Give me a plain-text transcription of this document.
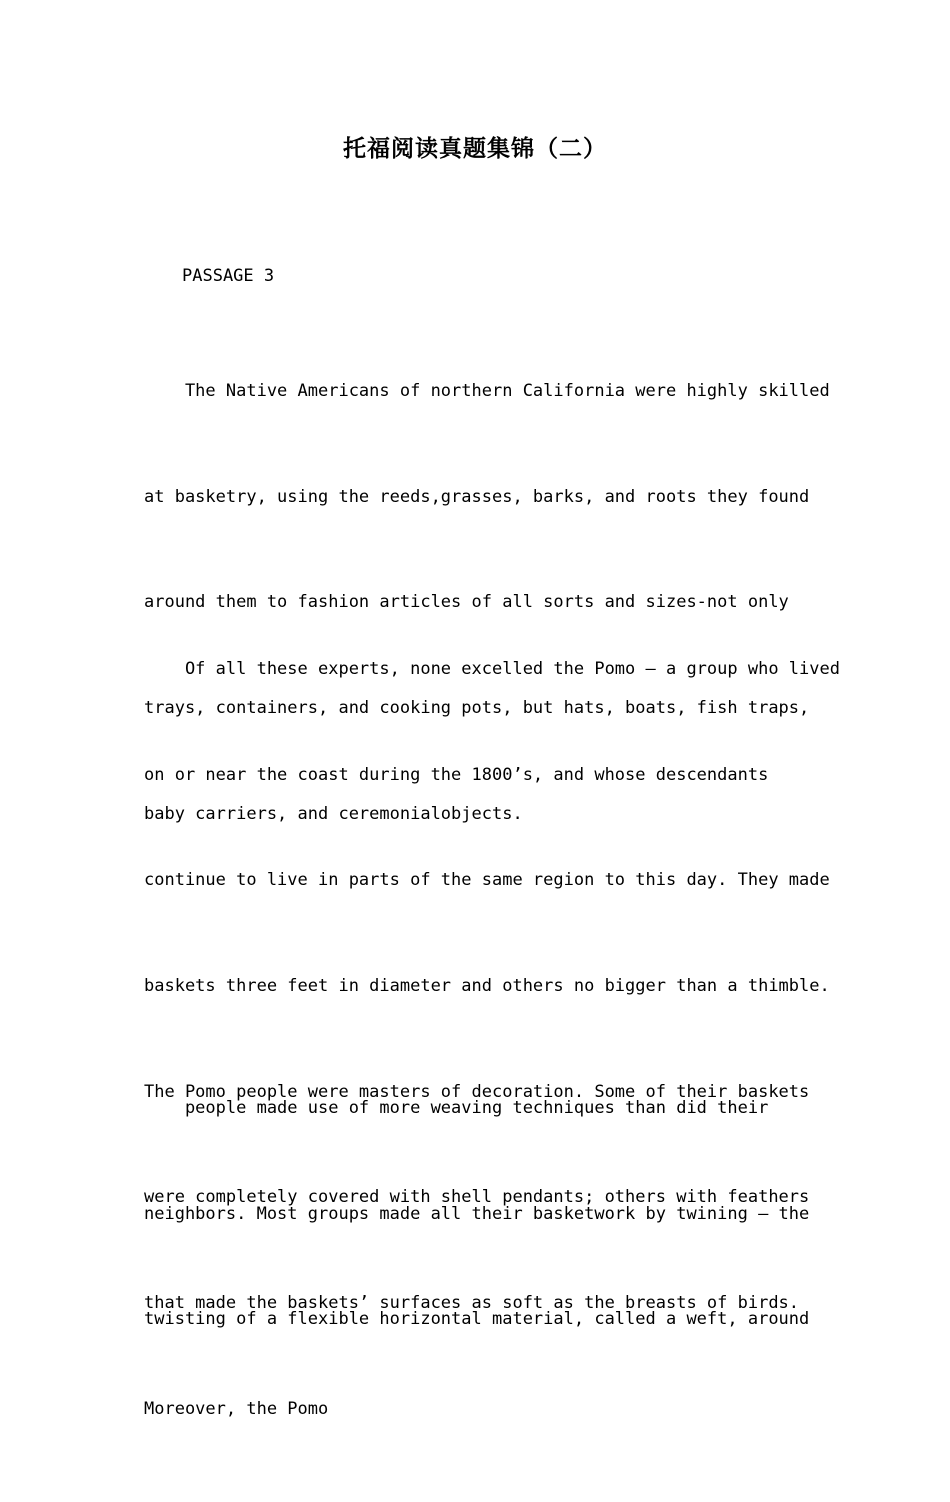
托福阅读真题集锦（二）
PASSAGE 3

The Native Americans of northern California were highly skilled

at basketry, using the reeds,grasses, barks, and roots they found

around them to fashion articles of all sorts and sizes-not only

trays, containers, and cooking pots, but hats, boats, fish traps,

baby carriers, and ceremonialobjects.

Of all these experts, none excelled the Pomo — a group who lived

on or near the coast during the 1800’s, and whose descendants

continue to live in parts of the same region to this day. They made

baskets three feet in diameter and others no bigger than a thimble.

The Pomo people were masters of decoration. Some of their baskets

were completely covered with shell pendants; others with feathers

that made the baskets’ surfaces as soft as the breasts of birds.

Moreover, the Pomo

people made use of more weaving techniques than did their

neighbors. Most groups made all their basketwork by twining — the

twisting of a flexible horizontal material, called a weft, around
